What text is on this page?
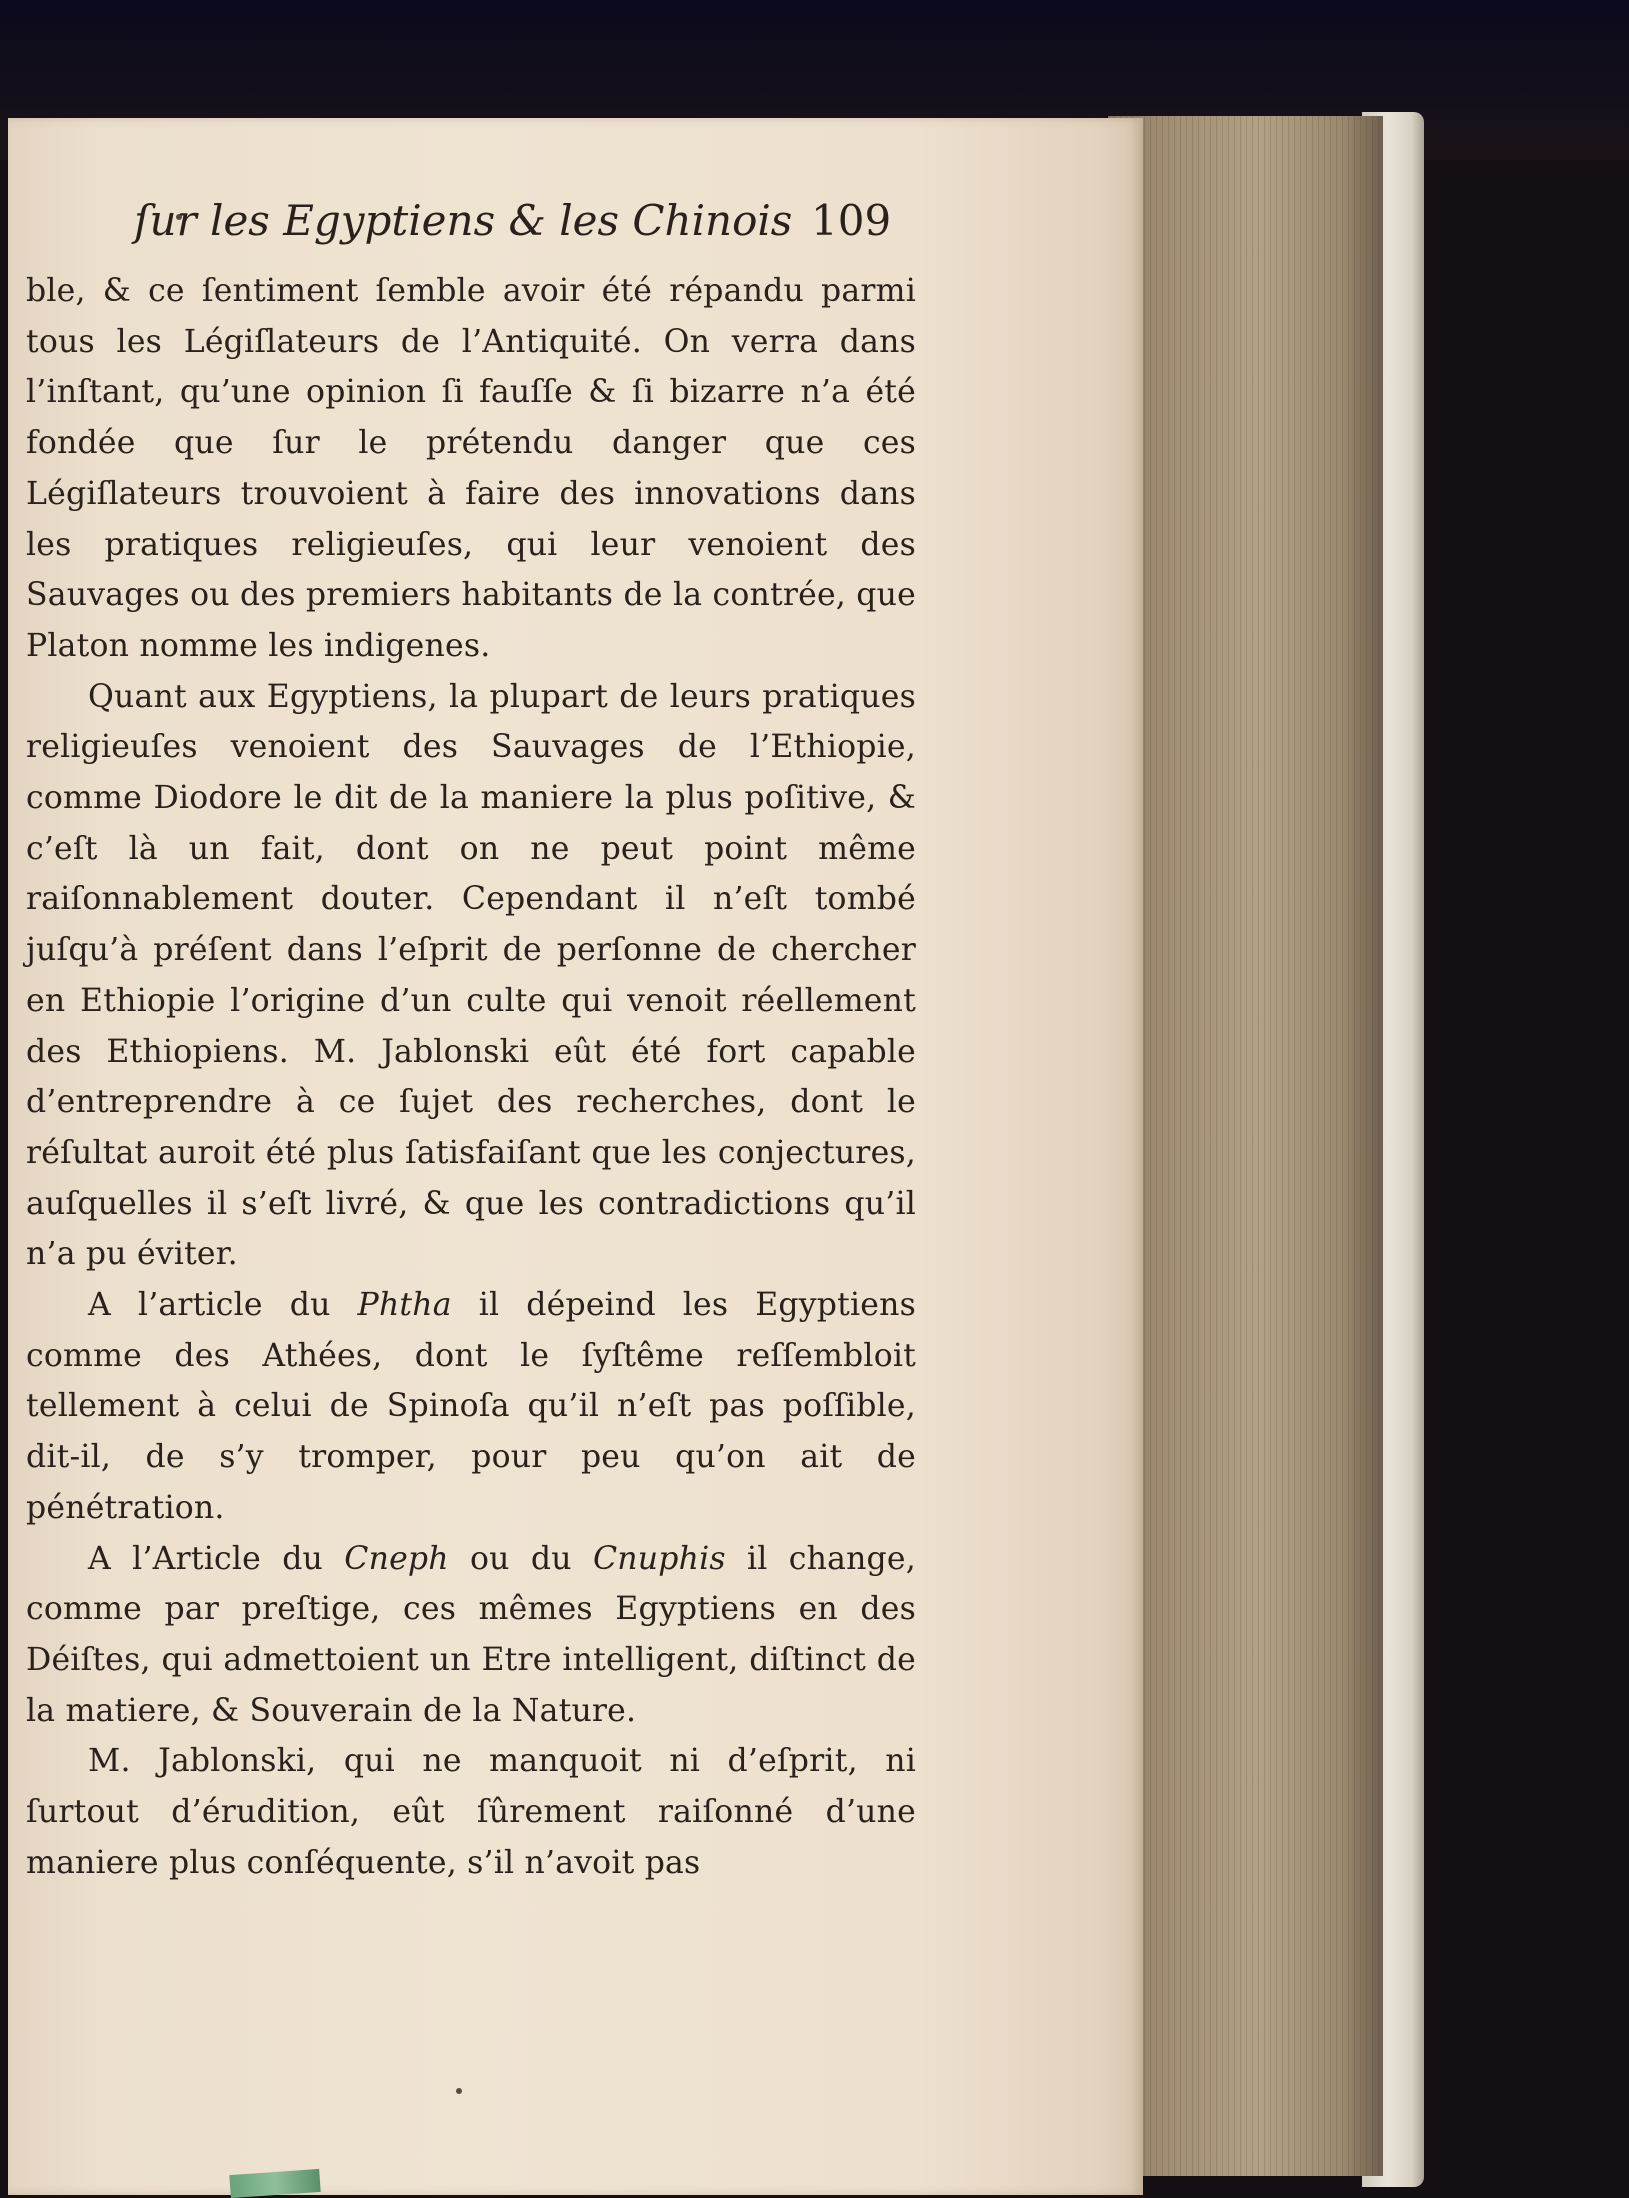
ſur les Egyptiens & les Chinois 109

ble, & ce ſentiment ſemble avoir été répandu parmi tous les Légiſlateurs de l’Antiquité. On verra dans l’inſtant, qu’une opinion ſi fauſſe & ſi bizarre n’a été fondée que ſur le prétendu danger que ces Légiſlateurs trouvoient à faire des innovations dans les pratiques religieuſes, qui leur venoient des Sauvages ou des premiers habitants de la contrée, que Platon nomme les indigenes.

Quant aux Egyptiens, la plupart de leurs pratiques religieuſes venoient des Sauvages de l’Ethiopie, comme Diodore le dit de la maniere la plus poſitive, & c’eſt là un fait, dont on ne peut point même raiſonnablement douter. Cependant il n’eſt tombé juſqu’à préſent dans l’eſprit de perſonne de chercher en Ethiopie l’origine d’un culte qui venoit réellement des Ethiopiens. M. Jablonski eût été fort capable d’entreprendre à ce ſujet des recherches, dont le réſultat auroit été plus ſatisfaiſant que les conjectures, auſquelles il s’eſt livré, & que les contradictions qu’il n’a pu éviter.

A l’article du Phtha il dépeind les Egyptiens comme des Athées, dont le ſyſtême reſſembloit tellement à celui de Spinoſa qu’il n’eſt pas poſſible, dit-il, de s’y tromper, pour peu qu’on ait de pénétration.

A l’Article du Cneph ou du Cnuphis il change, comme par preſtige, ces mêmes Egyptiens en des Déiſtes, qui admettoient un Etre intelligent, diſtinct de la matiere, & Souverain de la Nature.

M. Jablonski, qui ne manquoit ni d’eſprit, ni ſurtout d’érudition, eût ſûrement raiſonné d’une maniere plus conſéquente, s’il n’avoit pas
